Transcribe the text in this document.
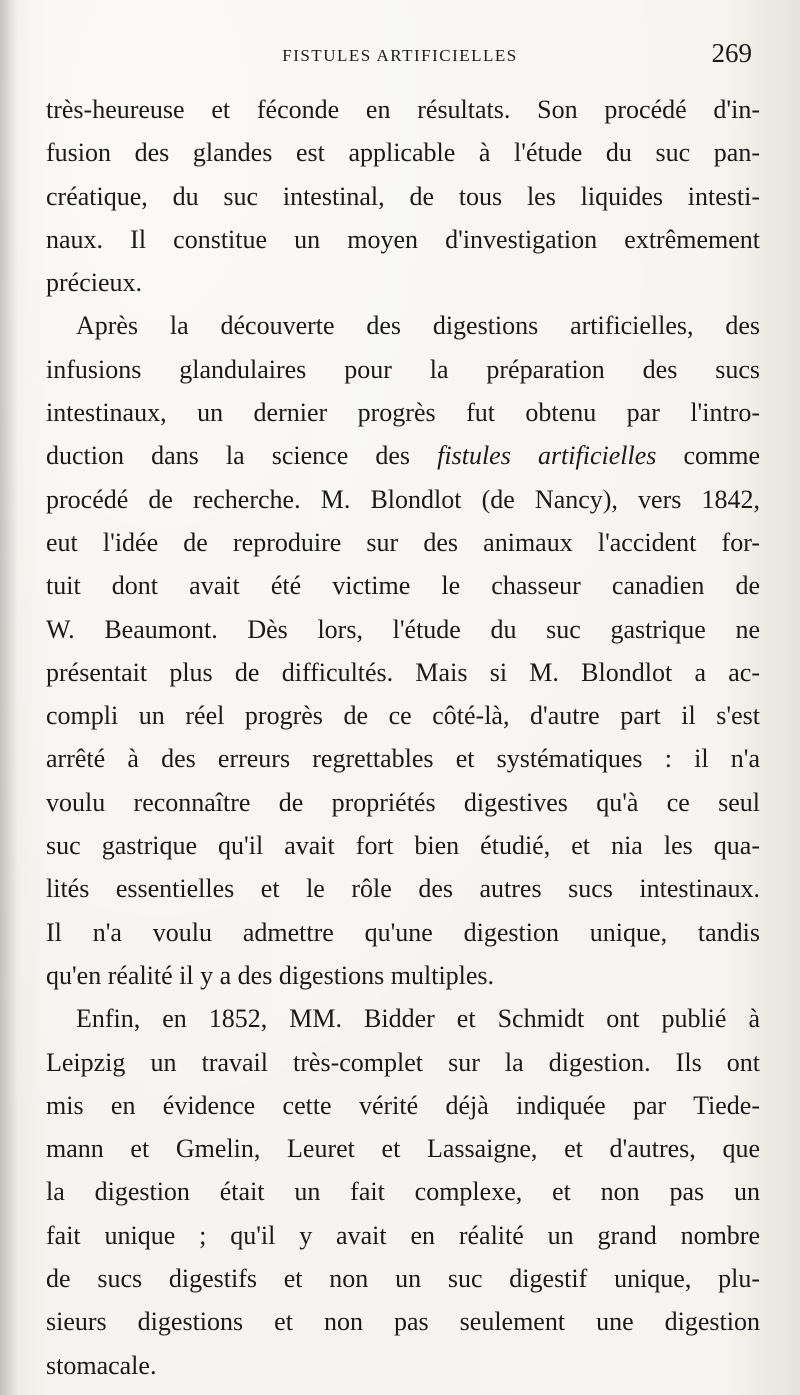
FISTULES ARTIFICIELLES	269
très-heureuse et féconde en résultats. Son procédé d'in-
fusion des glandes est applicable à l'étude du suc pan-
créatique, du suc intestinal, de tous les liquides intesti-
naux. Il constitue un moyen d'investigation extrêmement
précieux.
Après la découverte des digestions artificielles, des
infusions glandulaires pour la préparation des sucs
intestinaux, un dernier progrès fut obtenu par l'intro-
duction dans la science des fistules artificielles comme
procédé de recherche. M. Blondlot (de Nancy), vers 1842,
eut l'idée de reproduire sur des animaux l'accident for-
tuit dont avait été victime le chasseur canadien de
W. Beaumont. Dès lors, l'étude du suc gastrique ne
présentait plus de difficultés. Mais si M. Blondlot a ac-
compli un réel progrès de ce côté-là, d'autre part il s'est
arrêté à des erreurs regrettables et systématiques : il n'a
voulu reconnaître de propriétés digestives qu'à ce seul
suc gastrique qu'il avait fort bien étudié, et nia les qua-
lités essentielles et le rôle des autres sucs intestinaux.
Il n'a voulu admettre qu'une digestion unique, tandis
qu'en réalité il y a des digestions multiples.
Enfin, en 1852, MM. Bidder et Schmidt ont publié à
Leipzig un travail très-complet sur la digestion. Ils ont
mis en évidence cette vérité déjà indiquée par Tiede-
mann et Gmelin, Leuret et Lassaigne, et d'autres, que
la digestion était un fait complexe, et non pas un
fait unique ; qu'il y avait en réalité un grand nombre
de sucs digestifs et non un suc digestif unique, plu-
sieurs digestions et non pas seulement une digestion
stomacale.
